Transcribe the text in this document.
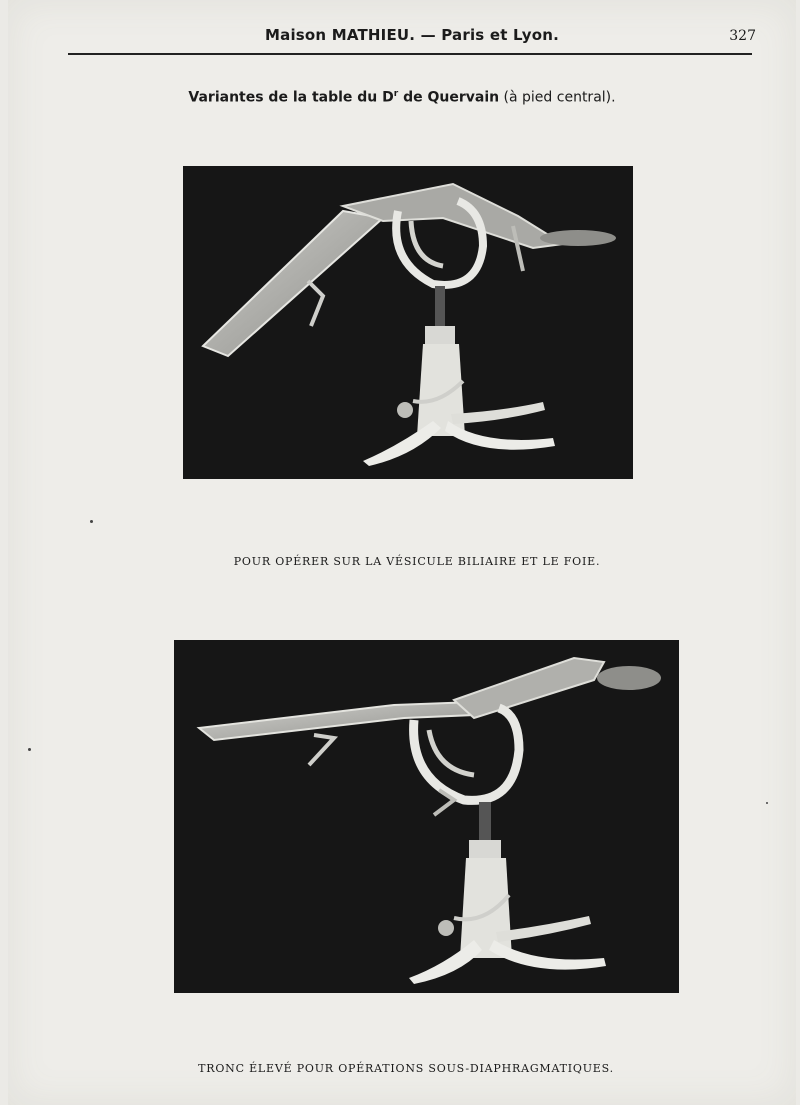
Maison MATHIEU. — Paris et Lyon.	327
Variantes de la table du $D^r$ de Quervain (à pied central).
POUR OPÉRER SUR LA VÉSICULE BILIAIRE ET LE FOIE.
TRONC ÉLEVÉ POUR OPÉRATIONS SOUS-DIAPHRAGMATIQUES.
